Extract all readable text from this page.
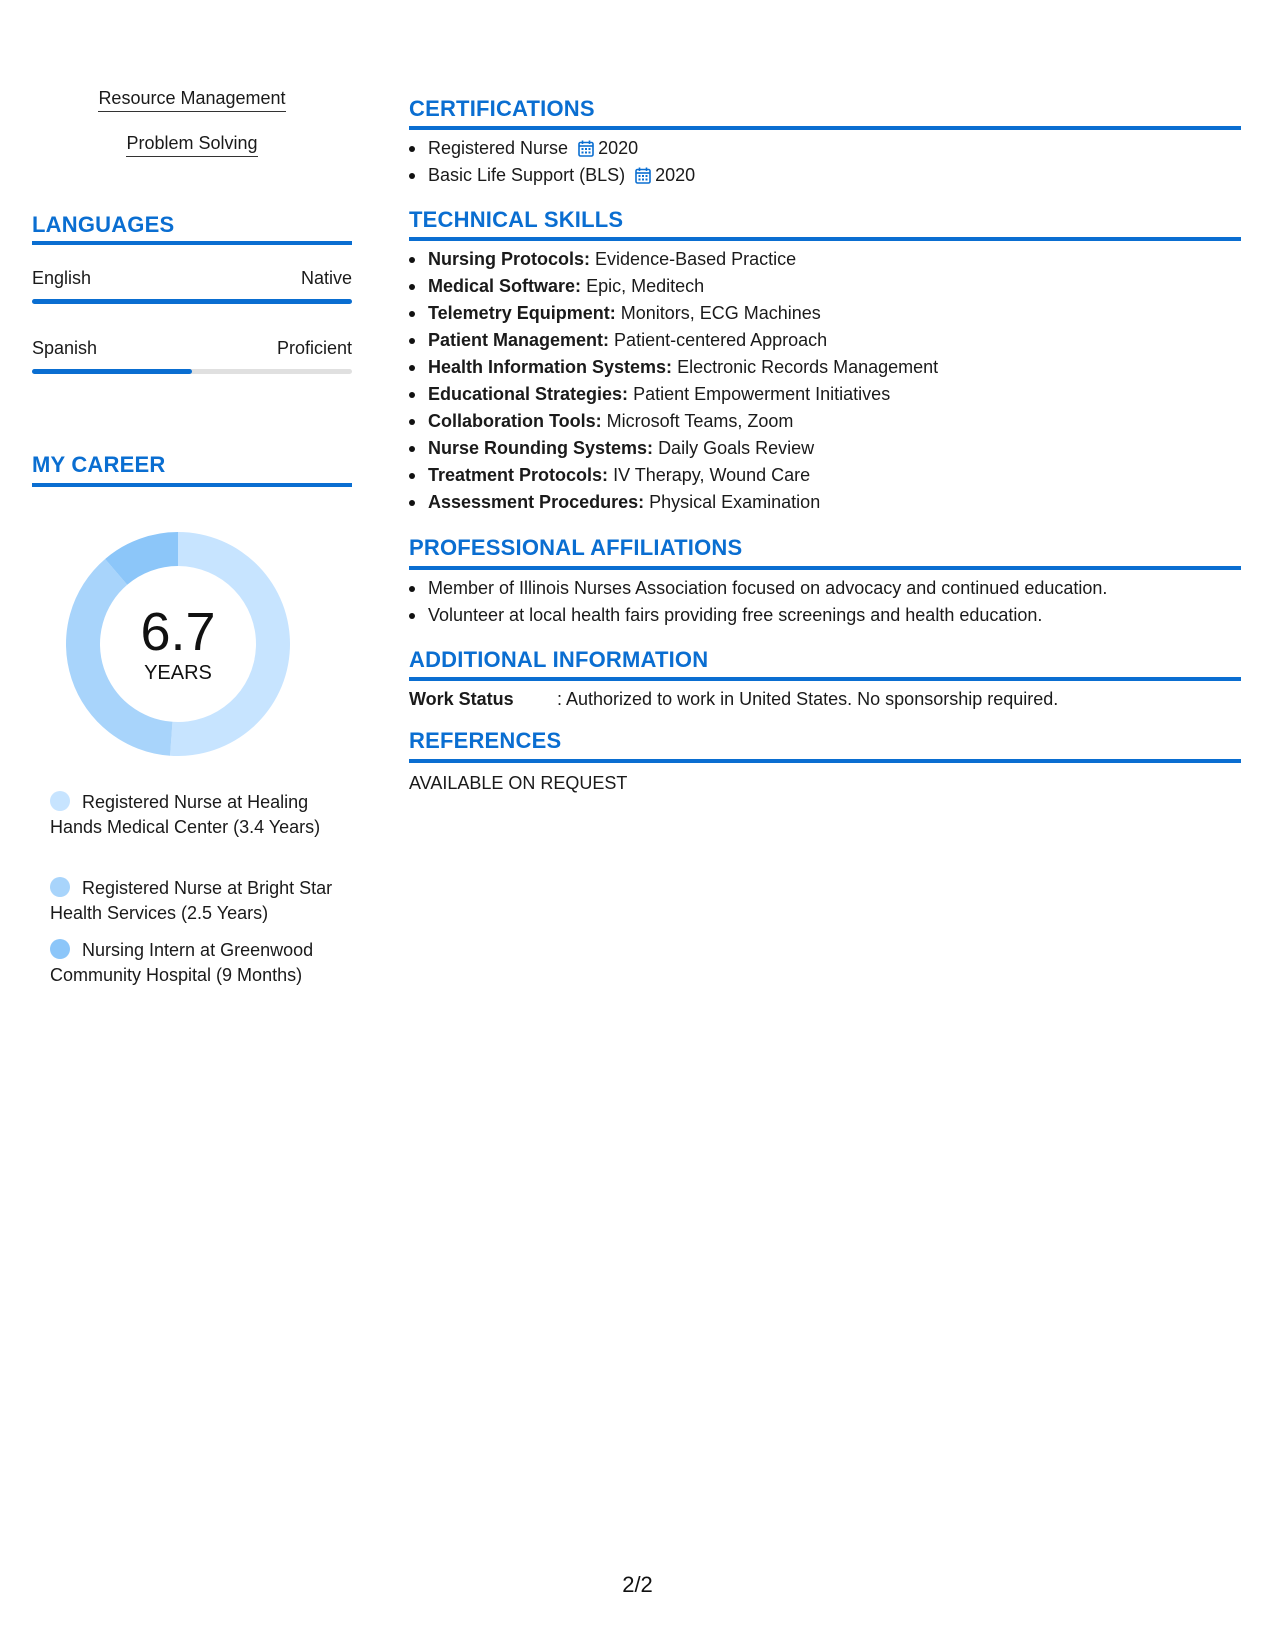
Resource Management
Problem Solving
LANGUAGES
English	Native
Spanish	Proficient
MY CAREER
6.7
YEARS
Registered Nurse at Healing Hands Medical Center (3.4 Years)
Registered Nurse at Bright Star Health Services (2.5 Years)
Nursing Intern at Greenwood Community Hospital (9 Months)
CERTIFICATIONS
Registered Nurse 2020
Basic Life Support (BLS) 2020
TECHNICAL SKILLS
Nursing Protocols: Evidence-Based Practice
Medical Software: Epic, Meditech
Telemetry Equipment: Monitors, ECG Machines
Patient Management: Patient-centered Approach
Health Information Systems: Electronic Records Management
Educational Strategies: Patient Empowerment Initiatives
Collaboration Tools: Microsoft Teams, Zoom
Nurse Rounding Systems: Daily Goals Review
Treatment Protocols: IV Therapy, Wound Care
Assessment Procedures: Physical Examination
PROFESSIONAL AFFILIATIONS
Member of Illinois Nurses Association focused on advocacy and continued education.
Volunteer at local health fairs providing free screenings and health education.
ADDITIONAL INFORMATION
Work Status : Authorized to work in United States. No sponsorship required.
REFERENCES
AVAILABLE ON REQUEST
2/2
